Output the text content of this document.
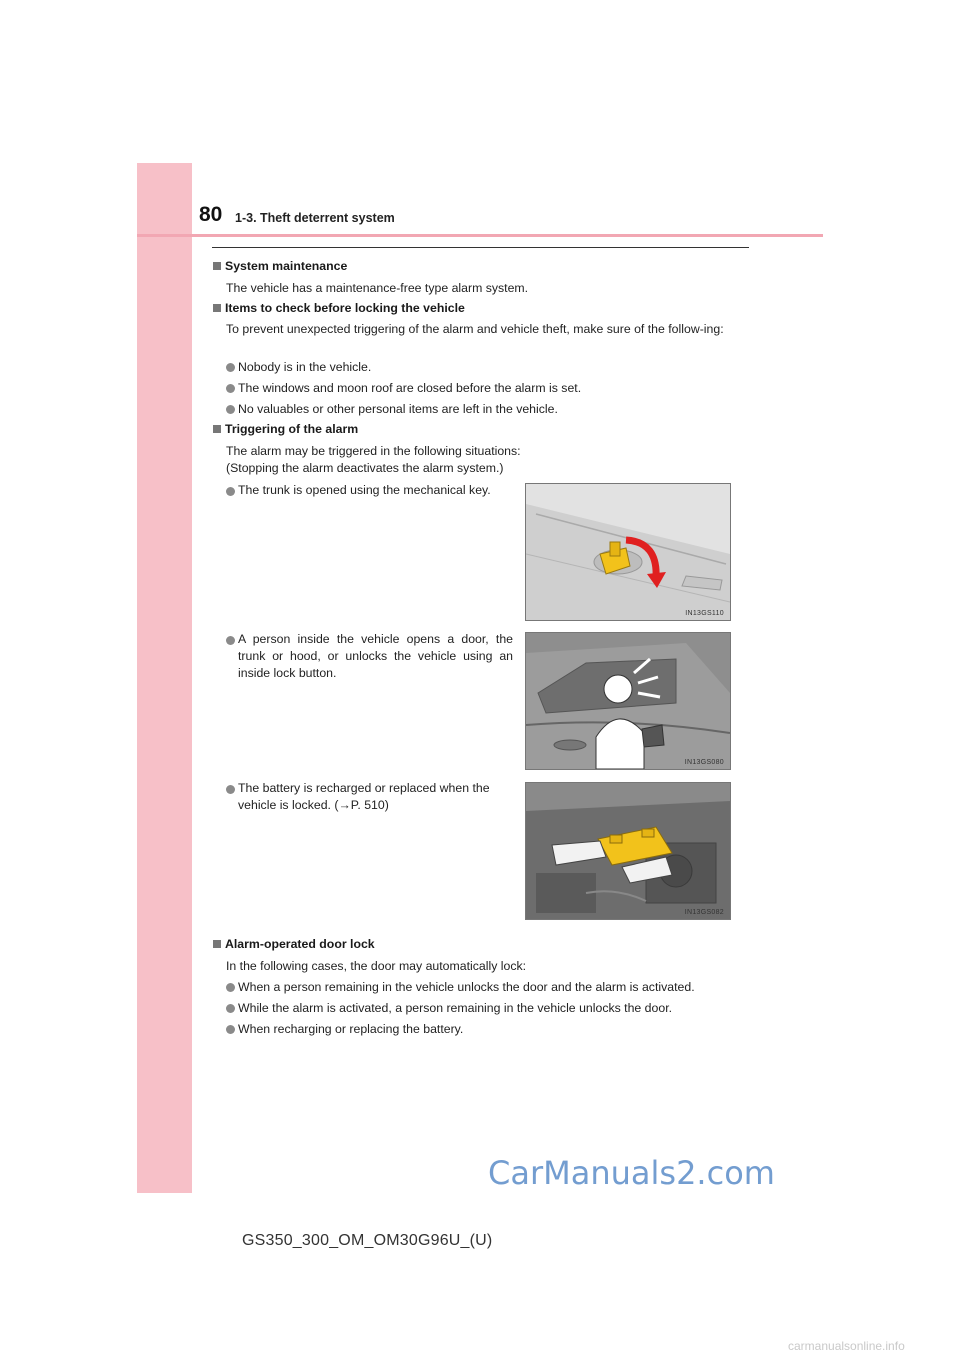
80 1-3. Theft deterrent system
System maintenance
The vehicle has a maintenance-free type alarm system.
Items to check before locking the vehicle
To prevent unexpected triggering of the alarm and vehicle theft, make sure of the follow-ing:
Nobody is in the vehicle.
The windows and moon roof are closed before the alarm is set.
No valuables or other personal items are left in the vehicle.
Triggering of the alarm
The alarm may be triggered in the following situations:
(Stopping the alarm deactivates the alarm system.)
The trunk is opened using the mechanical key.
A person inside the vehicle opens a door, the trunk or hood, or unlocks the vehicle using an inside lock button.
The battery is recharged or replaced when the vehicle is locked. (→P. 510)
IN13GS110
IN13GS080
IN13GS082
Alarm-operated door lock
In the following cases, the door may automatically lock:
When a person remaining in the vehicle unlocks the door and the alarm is activated.
While the alarm is activated, a person remaining in the vehicle unlocks the door.
When recharging or replacing the battery.
CarManuals2.com
GS350_300_OM_OM30G96U_(U)
carmanualsonline.info
